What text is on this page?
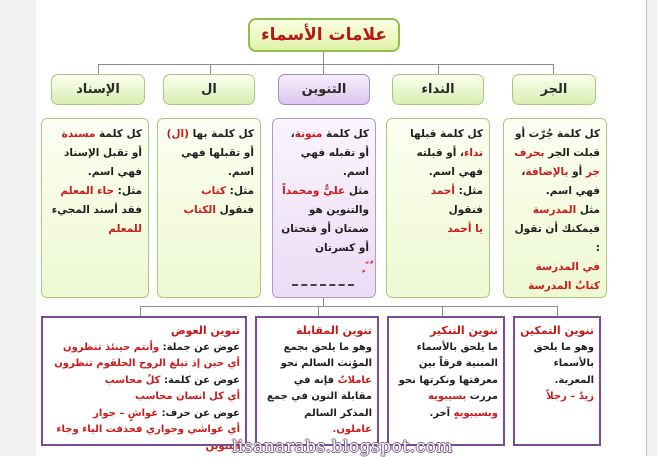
علامات الأسماء
الجر
النداء
التنوين
ال
الإسناد

كل كلمة جُرّت أو قبلت الجر بحرف جر أو بالإضافة،

فهي اسم.

مثل المدرسة

فيمكنك أن تقول :

في المدرسة

كتابُ المدرسة

كل كلمة قبلها نداء، أو قبلته فهي اسم.

مثل: أحمد

فنقول

يا أحمد

كل كلمة منونة، أو تقبله فهي اسم.

مثل عليٌّ ومحمداً

والتنوين هو ضمتان أو فتحتان أو كسرتان

ٌ ً ٍ

كل كلمة بها (ال) أو تقبلها فهي اسم.

مثل: كتاب

فنقول الكتاب

كل كلمة مسندة أو تقبل الإسناد فهي اسم.

مثل: جاء المعلم

فقد أسند المجيء للمعلم

تنوين التمكين

وهو ما يلحق بالأسماء المعربة.

زيدٌ – رجلاً

تنوين التنكير

ما يلحق بالأسماء المبنية فرقاً بين معرفتها ونكرتها نحو مررت بسيبويه وبسيبويهٍ آخر.

تنوين المقابلة

وهو ما يلحق بجمع المؤنث السالم نحو عاملاتٌ فإنه في مقابلة النون في جمع المذكر السالم عاملون.

تنوين العوض

عوض عن جملة: وأنتم حينئذ تنظرون

أي حين إذ تبلغ الروح الحلقوم تنظرون

عوض عن كلمة: كلٌ محاسب

أي كل انسان محاسب

عوض عن حرف: غواشٍ – جوار

أي غواشي وجواري فحذفت الياء وجاء التنوين

lisanarabs.blogspot.com
